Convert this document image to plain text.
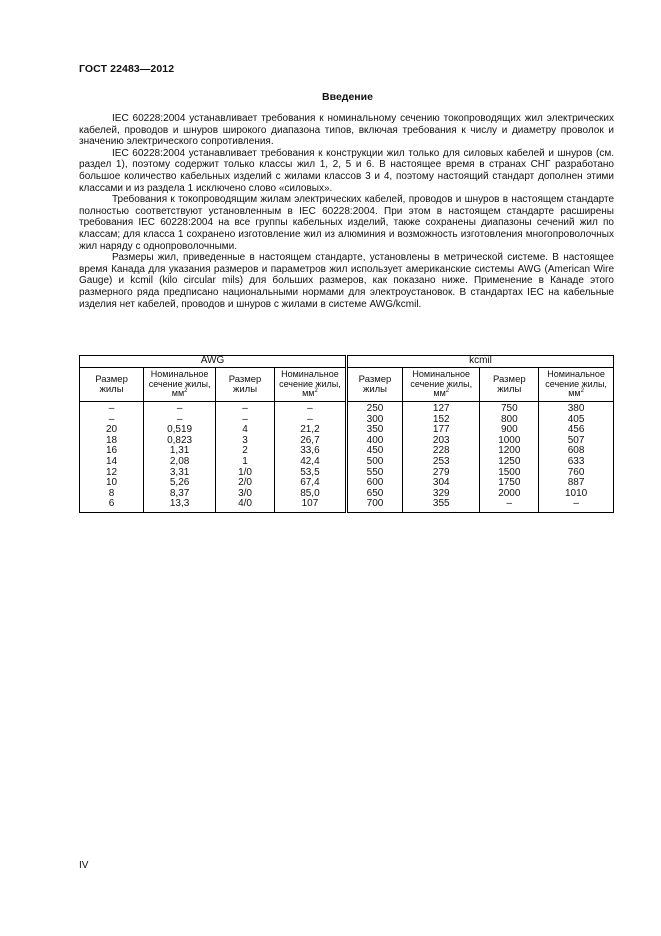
ГОСТ 22483—2012
Введение

IEC 60228:2004 устанавливает требования к номинальному сечению токопроводящих жил электрических кабелей, проводов и шнуров широкого диапазона типов, включая требования к числу и диаметру проволок и значению электрического сопротивления.

IEC 60228:2004 устанавливает требования к конструкции жил только для силовых кабелей и шнуров (см. раздел 1), поэтому содержит только классы жил 1, 2, 5 и 6. В настоящее время в странах СНГ разработано большое количество кабельных изделий с жилами классов 3 и 4, поэтому настоящий стандарт дополнен этими классами и из раздела 1 исключено слово «силовых».

Требования к токопроводящим жилам электрических кабелей, проводов и шнуров в настоящем стандарте полностью соответствуют установленным в IEC 60228:2004. При этом в настоящем стандарте расширены требования IEC 60228:2004 на все группы кабельных изделий, также сохранены диапазоны сечений жил по классам; для класса 1 сохранено изготовление жил из алюминия и возможность изготовления многопроволочных жил наряду с однопроволочными.

Размеры жил, приведенные в настоящем стандарте, установлены в метрической системе. В настоящее время Канада для указания размеров и параметров жил использует американские системы AWG (American Wire Gauge) и kcmil (kilo circular mils) для больших размеров, как показано ниже. Применение в Канаде этого размерного ряда предписано национальными нормами для электроустановок. В стандартах IEC на кабельные изделия нет кабелей, проводов и шнуров с жилами в системе AWG/kcmil.

AWG				kcmil			
Размер жилы	Номинальное сечение жилы, $мм^2$	Размер жилы	Номинальное сечение жилы, $мм^2$	Размер жилы	Номинальное сечение жилы, $мм^2$	Размер жилы	Номинальное сечение жилы, $мм^2$
–	–	–	–	250	127	750	380
–	–	–	–	300	152	800	405
20	0,519	4	21,2	350	177	900	456
18	0,823	3	26,7	400	203	1000	507
16	1,31	2	33,6	450	228	1200	608
14	2,08	1	42,4	500	253	1250	633
12	3,31	1/0	53,5	550	279	1500	760
10	5,26	2/0	67,4	600	304	1750	887
8	8,37	3/0	85,0	650	329	2000	1010
6	13,3	4/0	107	700	355	–	–
IV
